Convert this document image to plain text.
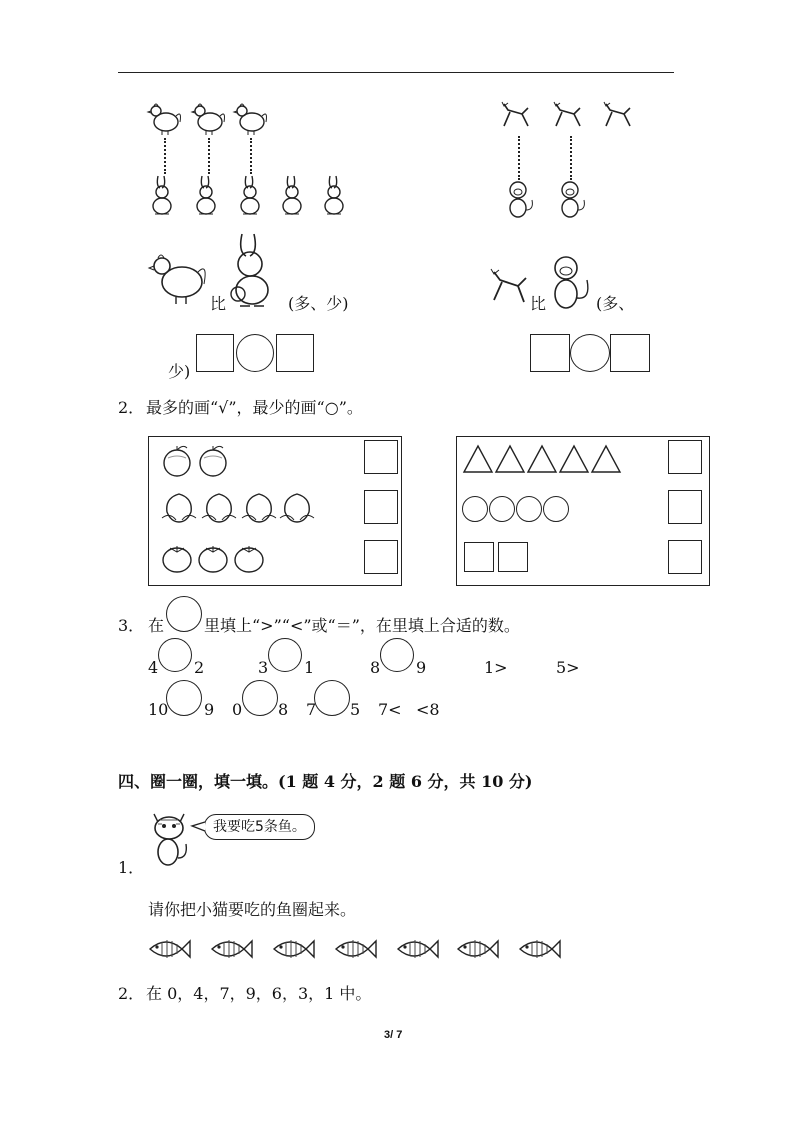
比	(多、少)	比	(多、
少)
2． 最多的画“√”，最少的画“○”。
3． 在 里填上“>”“<”或“＝”，在里填上合适的数。
4 2	3 1	8 9	1>	5>
10 9 0 8 7 5 7< <8
四、圈一圈，填一填。(1 题 4 分，2 题 6 分，共 10 分)
我要吃5条鱼。
1．
请你把小猫要吃的鱼圈起来。
2． 在 0，4，7，9，6，3，1 中。
3/ 7
